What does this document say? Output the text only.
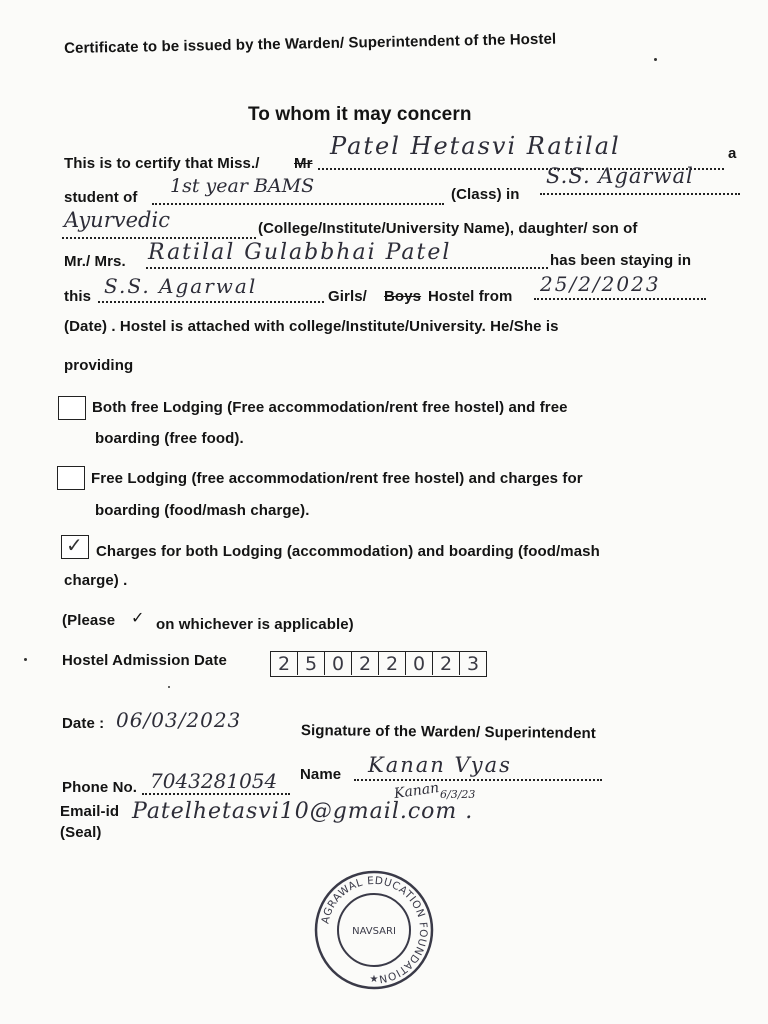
Certificate to be issued by the Warden/ Superintendent of the Hostel
To whom it may concern
This is to certify that Miss./ Mr
Patel Hetasvi Ratilal	a
student of
1st year BAMS	(Class) in
S.S. Agarwal
Ayurvedic	(College/Institute/University Name), daughter/ son of
Mr./ Mrs. Ratilal Gulabbhai Patel	has been staying in
this S.S. Agarwal	Girls/ Boys Hostel from
25/2/2023
(Date) . Hostel is attached with college/Institute/University. He/She is
providing
Both free Lodging (Free accommodation/rent free hostel) and free
boarding (free food).
Free Lodging (free accommodation/rent free hostel) and charges for
boarding (food/mash charge).
✓ Charges for both Lodging (accommodation) and boarding (food/mash
charge) .
(Please ✓ on whichever is applicable)
Hostel Admission Date	2 5 0 2 2 0 2 3
Date : 06/03/2023
Signature of the Warden/ Superintendent
Phone No. 7043281054 Name Kanan Vyas
Kanan 6/3/23
Email-id Patelhetasvi10@gmail.com .
(Seal)
AGRAWAL EDUCATION FOUNDATION
NAVSARI
★
